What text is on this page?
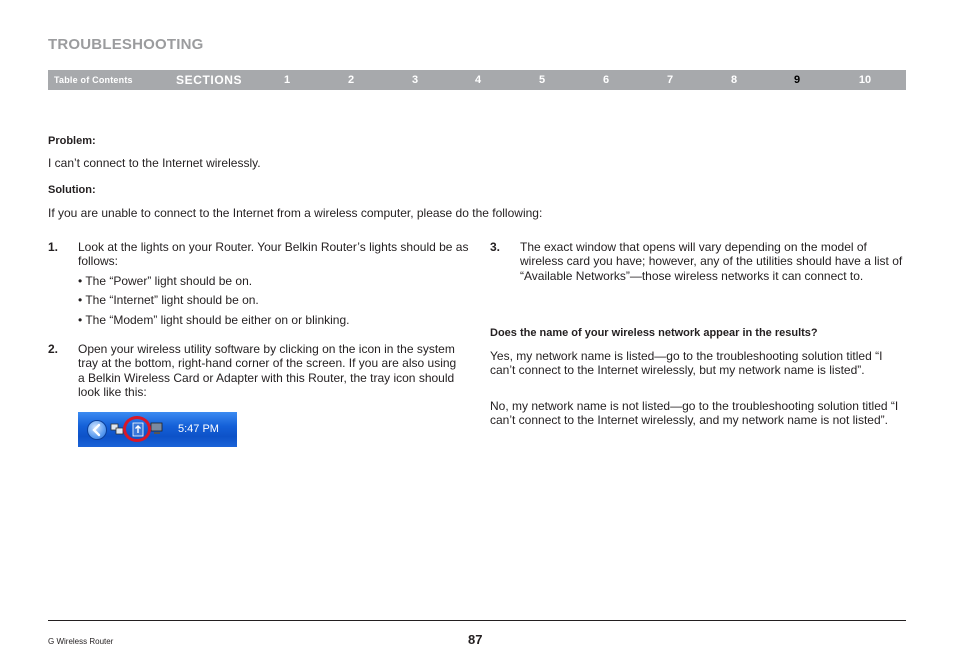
TROUBLESHOOTING
Table of Contents	SECTIONS	1	2	3	4	5	6	7	8	9	10

Problem:

I can’t connect to the Internet wirelessly.

Solution:

If you are unable to connect to the Internet from a wireless computer, please do the following:

1. Look at the lights on your Router. Your Belkin Router’s lights should be as follows:

• The “Power” light should be on.
• The “Internet” light should be on.
• The “Modem” light should be either on or blinking.
2. Open your wireless utility software by clicking on the icon in the system tray at the bottom, right-hand corner of the screen. If you are also using a Belkin Wireless Card or Adapter with this Router, the tray icon should look like this:

5:47 PM
3. The exact window that opens will vary depending on the model of wireless card you have; however, any of the utilities should have a list of “Available Networks”—those wireless networks it can connect to.

Does the name of your wireless network appear in the results?

Yes, my network name is listed—go to the troubleshooting solution titled “I can’t connect to the Internet wirelessly, but my network name is listed”.

No, my network name is not listed—go to the troubleshooting solution titled “I can’t connect to the Internet wirelessly, and my network name is not listed”.

G Wireless Router	87
